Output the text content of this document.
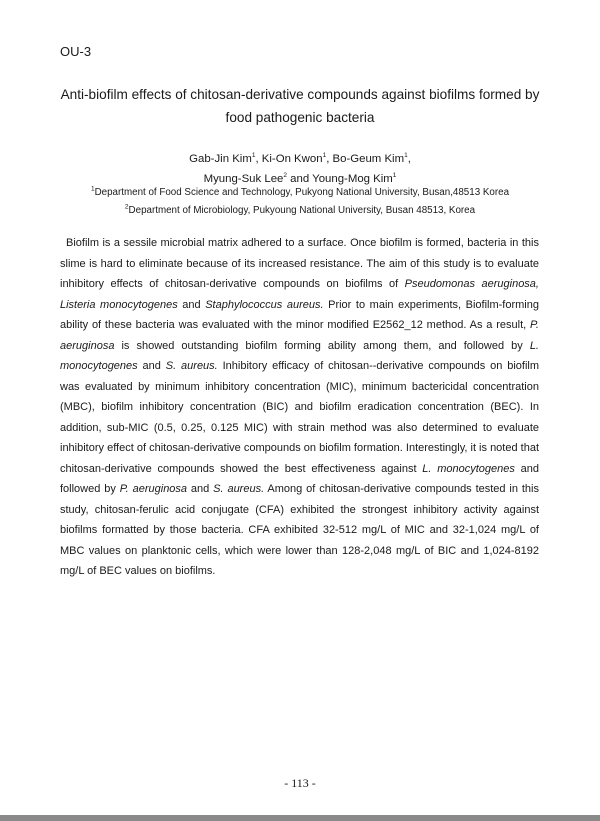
OU-3
Anti-biofilm effects of chitosan-derivative compounds against biofilms formed by food pathogenic bacteria
Gab-Jin Kim$^1$, Ki-On Kwon$^1$, Bo-Geum Kim$^1$,
Myung-Suk Lee$^2$ and Young-Mog Kim$^1$
$^1$Department of Food Science and Technology, Pukyong National University, Busan,48513 Korea
$^2$Department of Microbiology, Pukyoung National University, Busan 48513, Korea
Biofilm is a sessile microbial matrix adhered to a surface. Once biofilm is formed, bacteria in this slime is hard to eliminate because of its increased resistance. The aim of this study is to evaluate inhibitory effects of chitosan-derivative compounds on biofilms of Pseudomonas aeruginosa, Listeria monocytogenes and Staphylococcus aureus. Prior to main experiments, Biofilm-forming ability of these bacteria was evaluated with the minor modified E2562_12 method. As a result, P. aeruginosa is showed outstanding biofilm forming ability among them, and followed by L. monocytogenes and S. aureus. Inhibitory efficacy of chitosan--derivative compounds on biofilm was evaluated by minimum inhibitory concentration (MIC), minimum bactericidal concentration (MBC), biofilm inhibitory concentration (BIC) and biofilm eradication concentration (BEC). In addition, sub-MIC (0.5, 0.25, 0.125 MIC) with strain method was also determined to evaluate inhibitory effect of chitosan-derivative compounds on biofilm formation. Interestingly, it is noted that chitosan-derivative compounds showed the best effectiveness against L. monocytogenes and followed by P. aeruginosa and S. aureus. Among of chitosan-derivative compounds tested in this study, chitosan-ferulic acid conjugate (CFA) exhibited the strongest inhibitory activity against biofilms formatted by those bacteria. CFA exhibited 32-512 mg/L of MIC and 32-1,024 mg/L of MBC values on planktonic cells, which were lower than 128-2,048 mg/L of BIC and 1,024-8192 mg/L of BEC values on biofilms.
- 113 -
